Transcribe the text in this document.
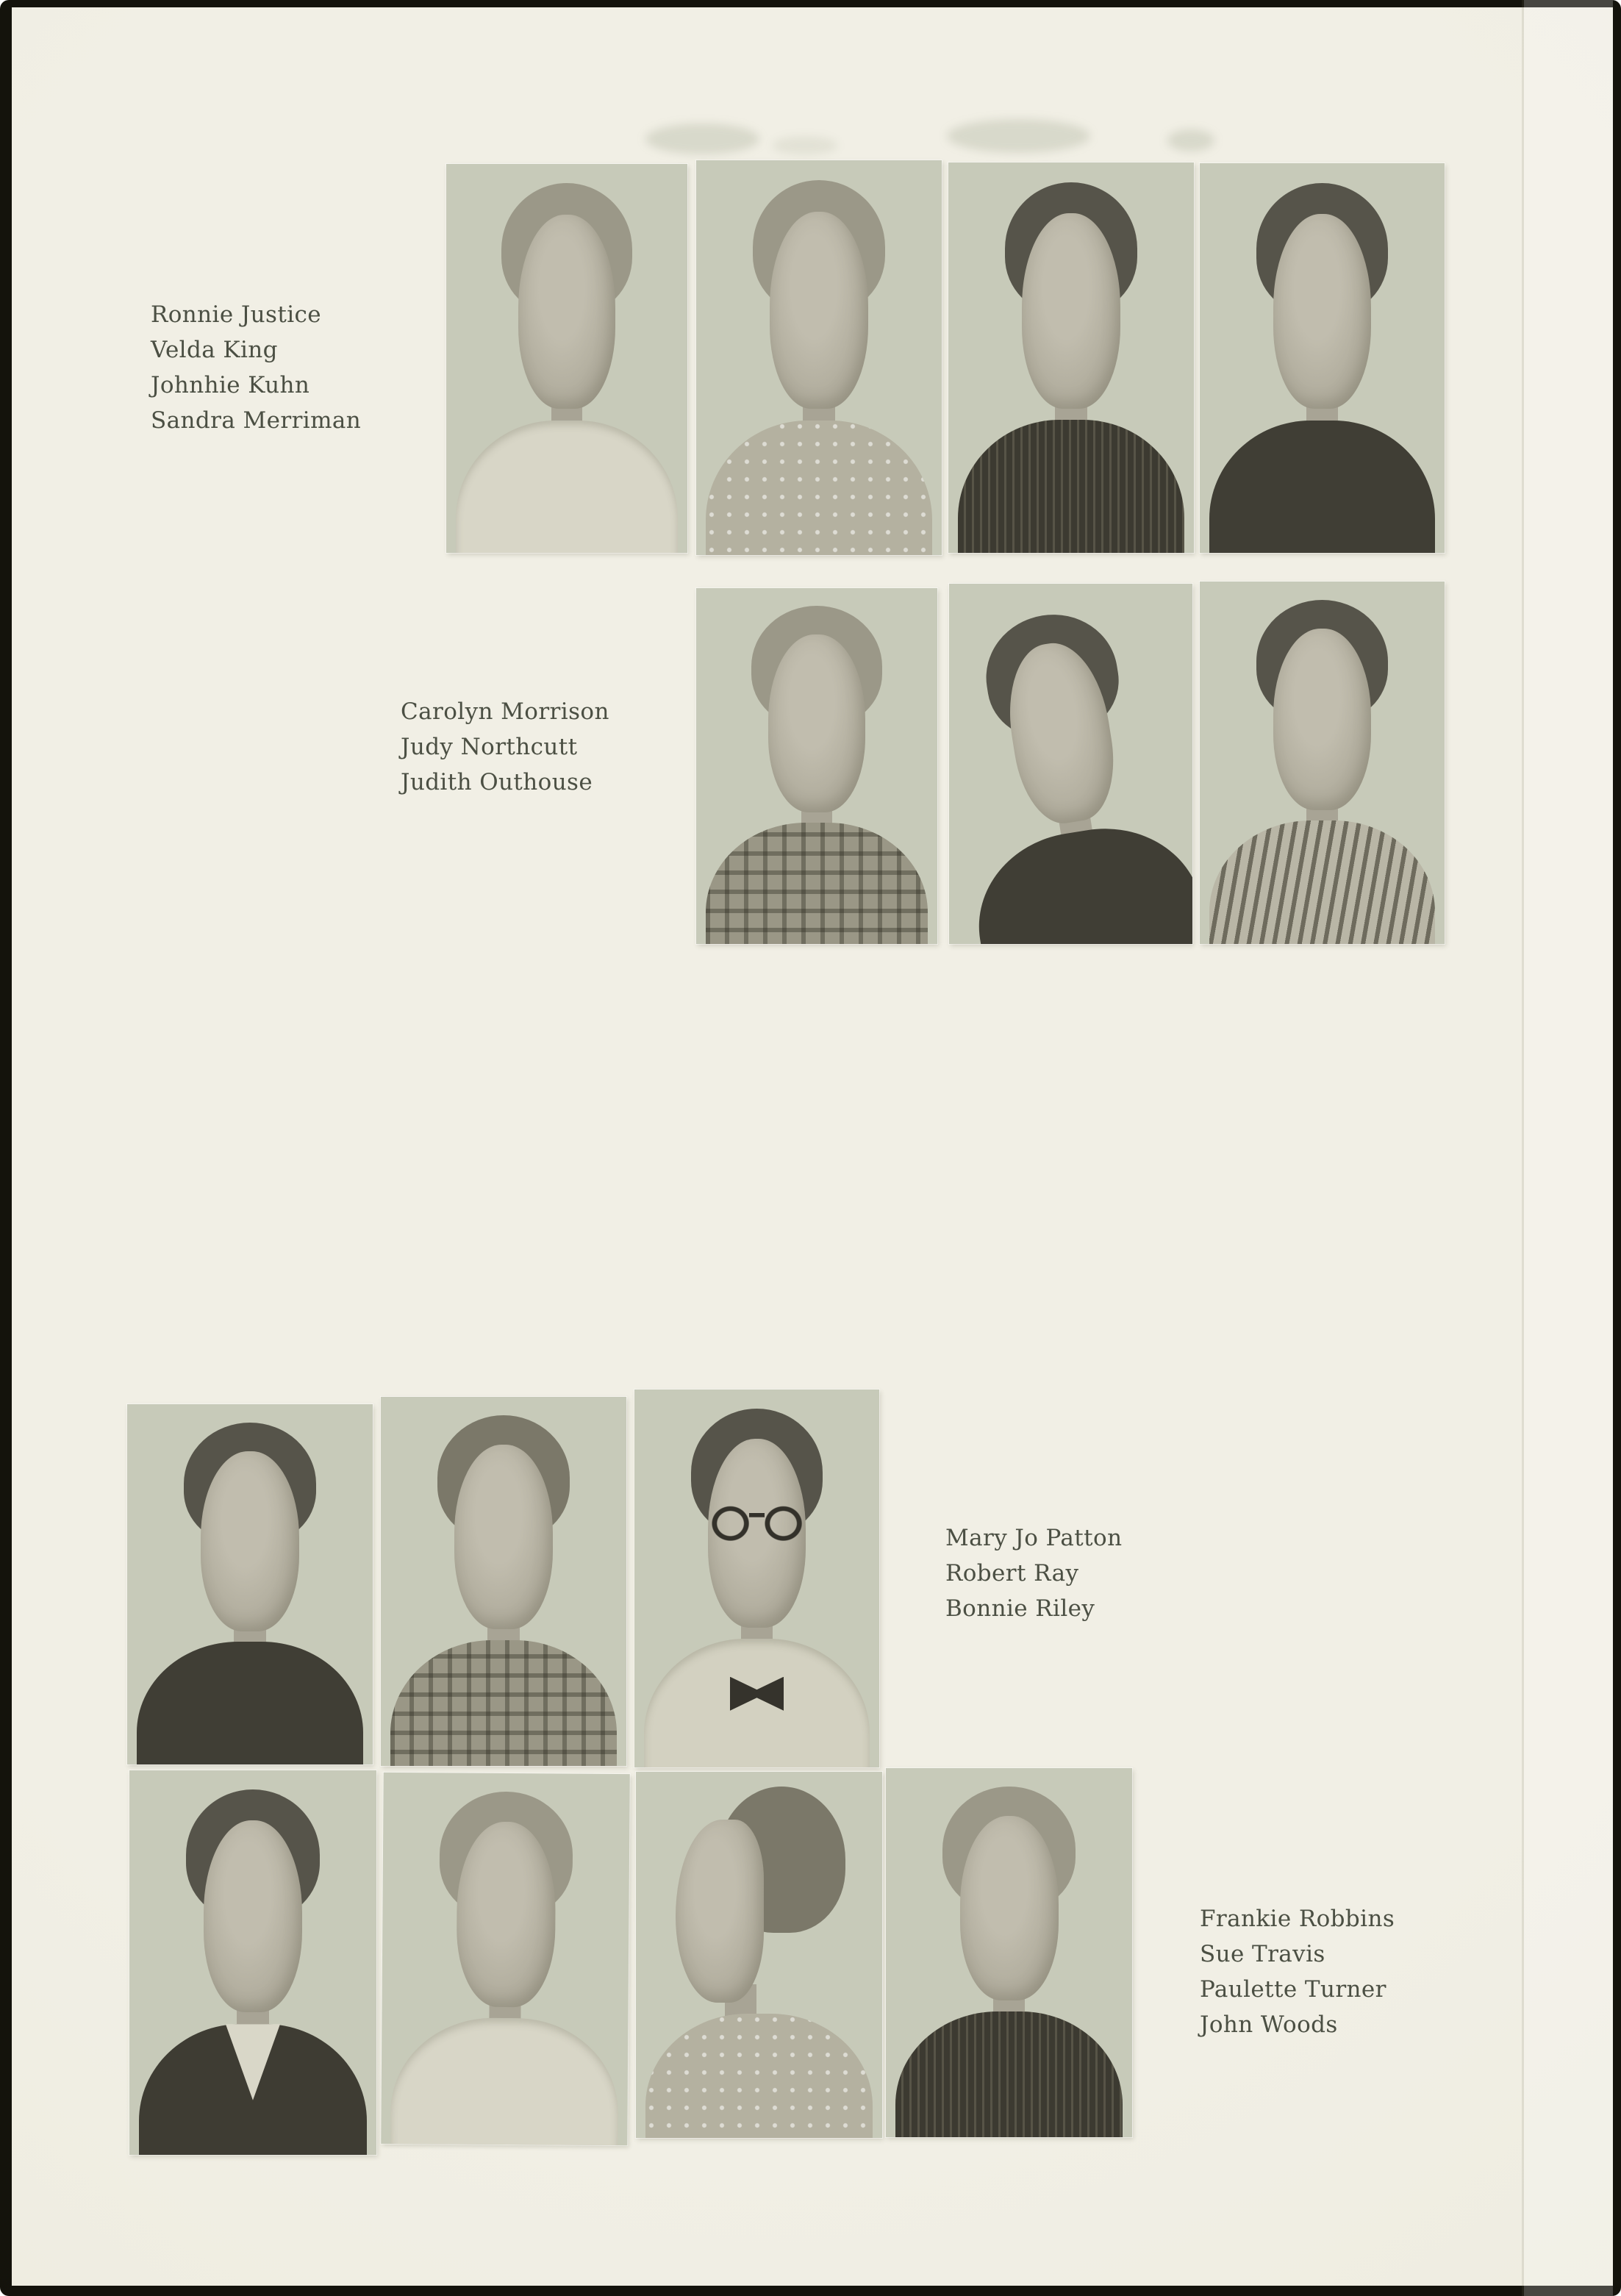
Ronnie Justice
Velda King
Johnhie Kuhn
Sandra Merriman
Carolyn Morrison
Judy Northcutt
Judith Outhouse
Mary Jo Patton
Robert Ray
Bonnie Riley
Frankie Robbins
Sue Travis
Paulette Turner
John Woods
